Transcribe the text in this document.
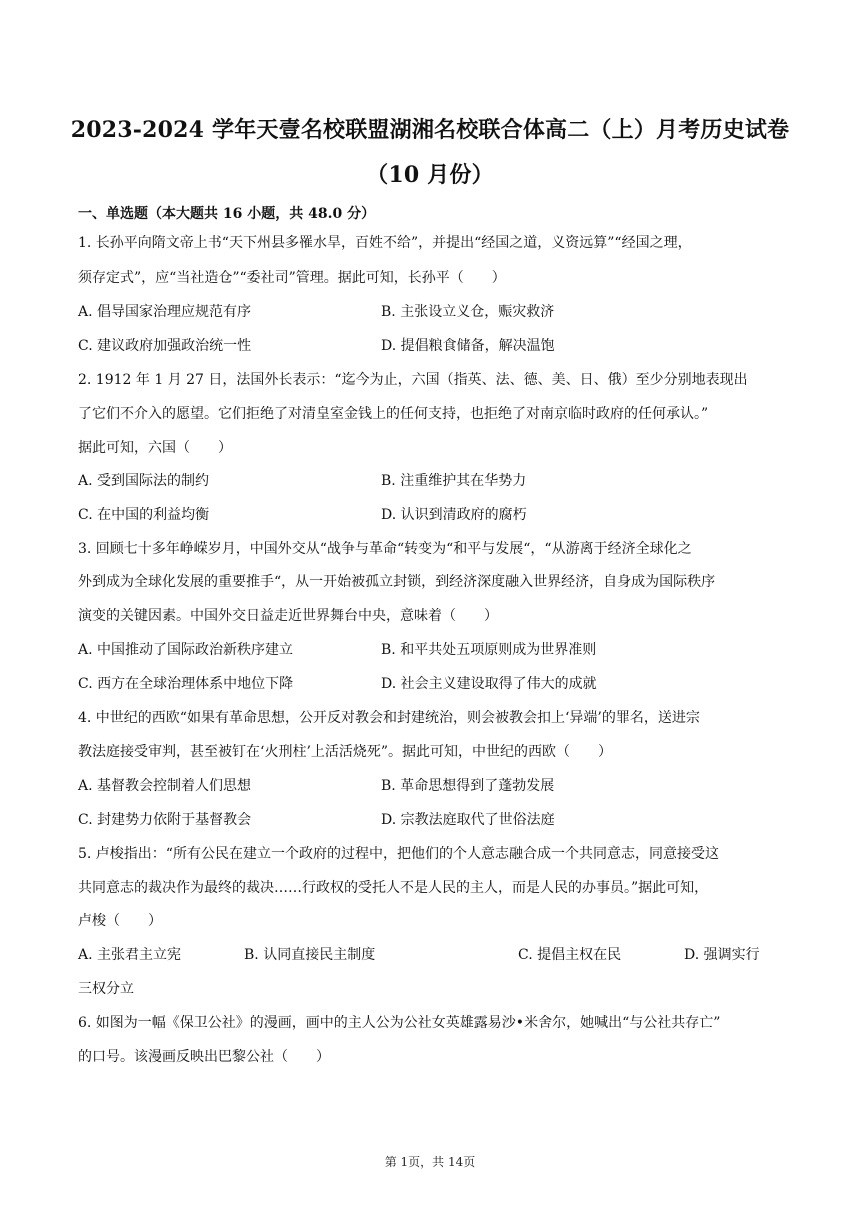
2023-2024 学年天壹名校联盟湖湘名校联合体高二（上）月考历史试卷
（10 月份）
一、单选题（本大题共 16 小题，共 48.0 分）
1. 长孙平向隋文帝上书“天下州县多罹水旱，百姓不给”，并提出“经国之道，义资远算”“经国之理，
须存定式”，应“当社造仓”“委社司”管理。据此可知，长孙平（　　）
A. 倡导国家治理应规范有序	B. 主张设立义仓，赈灾救济
C. 建议政府加强政治统一性	D. 提倡粮食储备，解决温饱
2. 1912 年 1 月 27 日，法国外长表示：“迄今为止，六国（指英、法、德、美、日、俄）至少分别地表现出
了它们不介入的愿望。它们拒绝了对清皇室金钱上的任何支持，也拒绝了对南京临时政府的任何承认。”
据此可知，六国（　　）
A. 受到国际法的制约	B. 注重维护其在华势力
C. 在中国的利益均衡	D. 认识到清政府的腐朽
3. 回顾七十多年峥嵘岁月，中国外交从“战争与革命“转变为“和平与发展“，“从游离于经济全球化之
外到成为全球化发展的重要推手“，从一开始被孤立封锁，到经济深度融入世界经济，自身成为国际秩序
演变的关键因素。中国外交日益走近世界舞台中央，意味着（　　）
A. 中国推动了国际政治新秩序建立	B. 和平共处五项原则成为世界准则
C. 西方在全球治理体系中地位下降	D. 社会主义建设取得了伟大的成就
4. 中世纪的西欧“如果有革命思想，公开反对教会和封建统治，则会被教会扣上‘异端’的罪名，送进宗
教法庭接受审判，甚至被钉在‘火刑柱’上活活烧死”。据此可知，中世纪的西欧（　　）
A. 基督教会控制着人们思想	B. 革命思想得到了蓬勃发展
C. 封建势力依附于基督教会	D. 宗教法庭取代了世俗法庭
5. 卢梭指出：“所有公民在建立一个政府的过程中，把他们的个人意志融合成一个共同意志，同意接受这
共同意志的裁决作为最终的裁决……行政权的受托人不是人民的主人，而是人民的办事员。”据此可知，
卢梭（　　）
A. 主张君主立宪	B. 认同直接民主制度	C. 提倡主权在民	D. 强调实行
三权分立
6. 如图为一幅《保卫公社》的漫画，画中的主人公为公社女英雄露易沙•米舍尔，她喊出“与公社共存亡”
的口号。该漫画反映出巴黎公社（　　）
第 1页，共 14页
